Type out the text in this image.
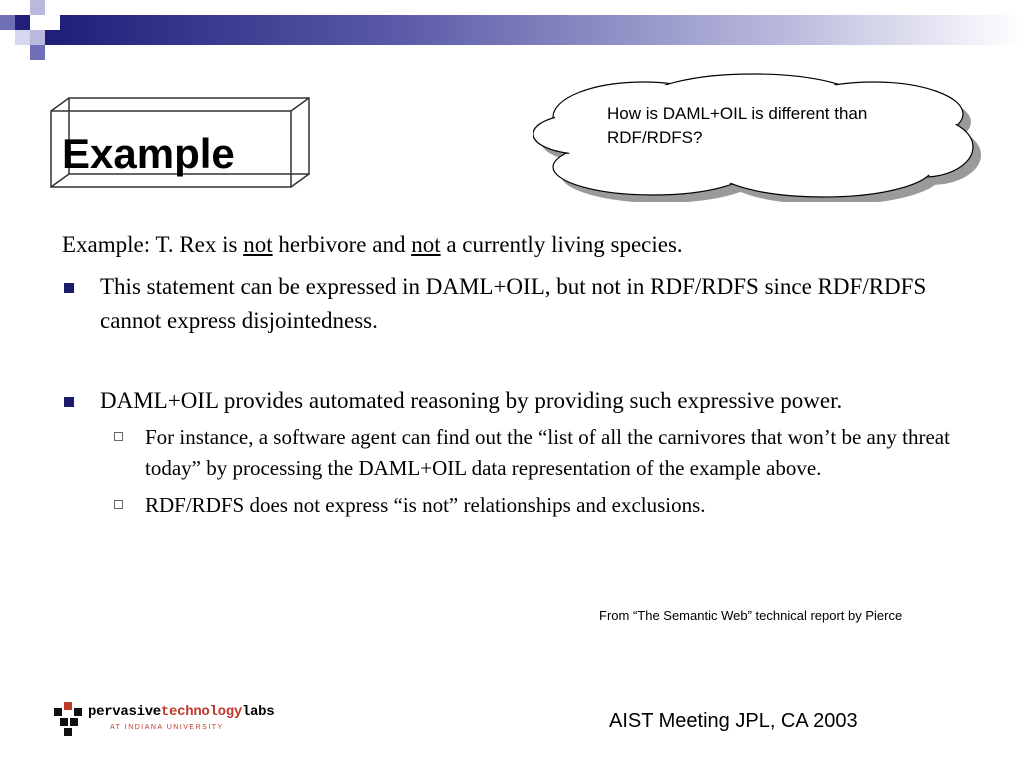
Example
How is DAML+OIL is different than RDF/RDFS?

Example: T. Rex is not herbivore and not a currently living species.

This statement can be expressed in DAML+OIL, but not in RDF/RDFS since RDF/RDFS cannot express disjointedness.

DAML+OIL provides automated reasoning by providing such expressive power.

For instance, a software agent can find out the “list of all the carnivores that won’t be any threat today” by processing the DAML+OIL data representation of the example above.

RDF/RDFS does not express “is not” relationships and exclusions.

From “The Semantic Web” technical report by Pierce
pervasivetechnologylabs
AT INDIANA UNIVERSITY	AIST Meeting JPL, CA 2003
